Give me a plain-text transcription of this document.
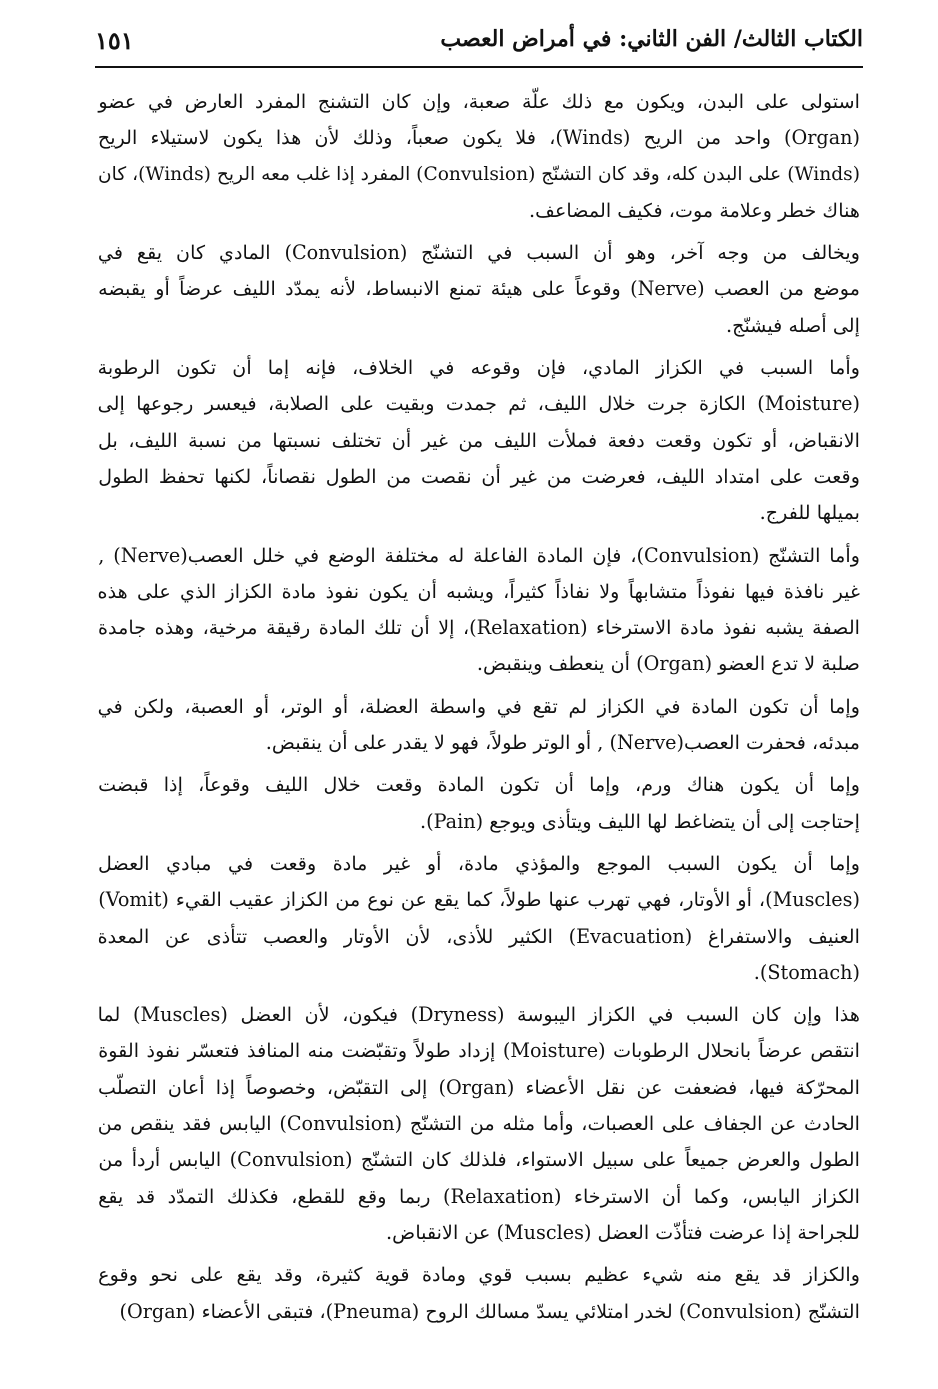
الكتاب الثالث/ الفن الثاني: في أمراض العصب
١٥١
استولى على البدن، ويكون مع ذلك علّة صعبة، وإن كان التشنج المفرد العارض في عضو
(Organ) واحد من الريح (Winds)، فلا يكون صعباً، وذلك لأن هذا يكون لاستيلاء الريح
(Winds) على البدن كله، وقد كان التشنّج (Convulsion) المفرد إذا غلب معه الريح (Winds)، كان
هناك خطر وعلامة موت، فكيف المضاعف.
ويخالف من وجه آخر، وهو أن السبب في التشنّج (Convulsion) المادي كان يقع في
موضع من العصب (Nerve) وقوعاً على هيئة تمنع الانبساط، لأنه يمدّد الليف عرضاً أو يقبضه
إلى أصله فيشنّج.
وأما السبب في الكزاز المادي، فإن وقوعه في الخلاف، فإنه إما أن تكون الرطوبة
(Moisture) الكازة جرت خلال الليف، ثم جمدت وبقيت على الصلابة، فيعسر رجوعها إلى
الانقباض، أو تكون وقعت دفعة فملأت الليف من غير أن تختلف نسبتها من نسبة الليف، بل
وقعت على امتداد الليف، فعرضت من غير أن نقصت من الطول نقصاناً، لكنها تحفظ الطول
بميلها للفرج.
وأما التشنّج (Convulsion)، فإن المادة الفاعلة له مختلفة الوضع في خلل العصب(Nerve) ,
غير نافذة فيها نفوذاً متشابهاً ولا نفاذاً كثيراً، ويشبه أن يكون نفوذ مادة الكزاز الذي على هذه
الصفة يشبه نفوذ مادة الاسترخاء (Relaxation)، إلا أن تلك المادة رقيقة مرخية، وهذه جامدة
صلبة لا تدع العضو (Organ) أن ينعطف وينقبض.
وإما أن تكون المادة في الكزاز لم تقع في واسطة العضلة، أو الوتر، أو العصبة، ولكن في
مبدئه، فحفرت العصب(Nerve) , أو الوتر طولاً، فهو لا يقدر على أن ينقبض.
وإما أن يكون هناك ورم، وإما أن تكون المادة وقعت خلال الليف وقوعاً، إذا قبضت
إحتاجت إلى أن يتضاغط لها الليف ويتأذى ويوجع (Pain).
وإما أن يكون السبب الموجع والمؤذي مادة، أو غير مادة وقعت في مبادي العضل
(Muscles)، أو الأوتار، فهي تهرب عنها طولاً، كما يقع عن نوع من الكزاز عقيب القيء (Vomit)
العنيف والاستفراغ (Evacuation) الكثير للأذى، لأن الأوتار والعصب تتأذى عن المعدة
(Stomach).
هذا وإن كان السبب في الكزاز اليبوسة (Dryness) فيكون، لأن العضل (Muscles) لما
انتقص عرضاً بانحلال الرطوبات (Moisture) إزداد طولاً وتقبّضت منه المنافذ فتعسّر نفوذ القوة
المحرّكة فيها، فضعفت عن نقل الأعضاء (Organ) إلى التقبّض، وخصوصاً إذا أعان التصلّب
الحادث عن الجفاف على العصبات، وأما مثله من التشنّج (Convulsion) اليابس فقد ينقص من
الطول والعرض جميعاً على سبيل الاستواء، فلذلك كان التشنّج (Convulsion) اليابس أردأ من
الكزاز اليابس، وكما أن الاسترخاء (Relaxation) ربما وقع للقطع، فكذلك التمدّد قد يقع
للجراحة إذا عرضت فتأذّت العضل (Muscles) عن الانقباض.
والكزاز قد يقع منه شيء عظيم بسبب قوي ومادة قوية كثيرة، وقد يقع على نحو وقوع
التشنّج (Convulsion) لخدر امتلائي يسدّ مسالك الروح (Pneuma)، فتبقى الأعضاء (Organ)
